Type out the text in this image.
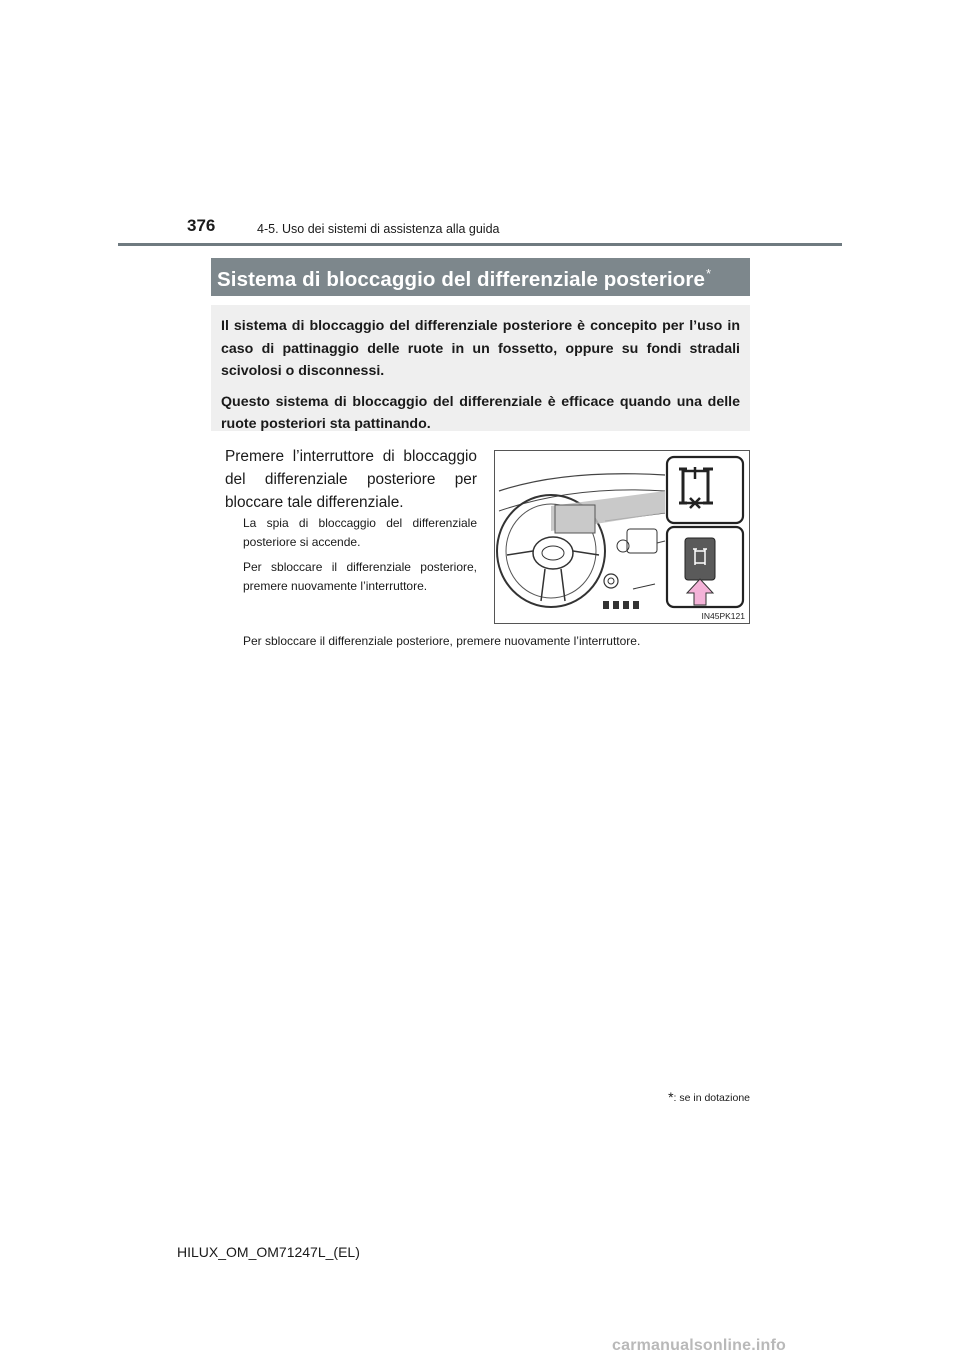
376	4-5. Uso dei sistemi di assistenza alla guida
Sistema di bloccaggio del differenziale posteriore*

Il sistema di bloccaggio del differenziale posteriore è concepito per l’uso in caso di pattinaggio delle ruote in un fossetto, oppure su fondi stradali scivolosi o disconnessi.

Questo sistema di bloccaggio del differenziale è efficace quando una delle ruote posteriori sta pattinando.

Premere l’interruttore di bloccaggio del differenziale posteriore per bloccare tale differenziale.

La spia di bloccaggio del differenziale posteriore si accende.

Per sbloccare il differenziale posteriore, premere nuovamente l’interruttore.

Per sbloccare il differenziale posteriore, premere nuovamente l’interruttore.

IN45PK121
*: se in dotazione
HILUX_OM_OM71247L_(EL)
carmanualsonline.info
